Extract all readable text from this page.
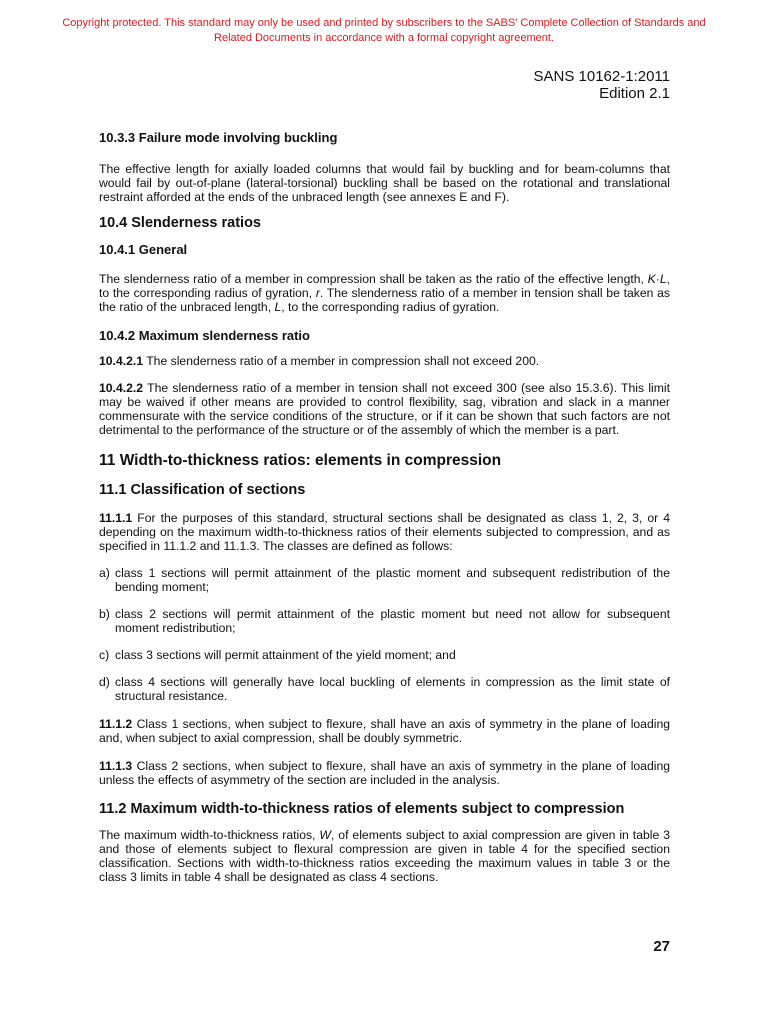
Copyright protected. This standard may only be used and printed by subscribers to the SABS' Complete Collection of Standards and
Related Documents in accordance with a formal copyright agreement.
SANS 10162-1:2011
Edition 2.1
10.3.3 Failure mode involving buckling

The effective length for axially loaded columns that would fail by buckling and for beam-columns that would fail by out-of-plane (lateral-torsional) buckling shall be based on the rotational and translational restraint afforded at the ends of the unbraced length (see annexes E and F).

10.4 Slenderness ratios
10.4.1 General

The slenderness ratio of a member in compression shall be taken as the ratio of the effective length, K·L, to the corresponding radius of gyration, r. The slenderness ratio of a member in tension shall be taken as the ratio of the unbraced length, L, to the corresponding radius of gyration.

10.4.2 Maximum slenderness ratio

10.4.2.1 The slenderness ratio of a member in compression shall not exceed 200.

10.4.2.2 The slenderness ratio of a member in tension shall not exceed 300 (see also 15.3.6). This limit may be waived if other means are provided to control flexibility, sag, vibration and slack in a manner commensurate with the service conditions of the structure, or if it can be shown that such factors are not detrimental to the performance of the structure or of the assembly of which the member is a part.

11 Width-to-thickness ratios: elements in compression
11.1 Classification of sections

11.1.1 For the purposes of this standard, structural sections shall be designated as class 1, 2, 3, or 4 depending on the maximum width-to-thickness ratios of their elements subjected to compression, and as specified in 11.1.2 and 11.1.3. The classes are defined as follows:

a) class 1 sections will permit attainment of the plastic moment and subsequent redistribution of the bending moment;
b) class 2 sections will permit attainment of the plastic moment but need not allow for subsequent moment redistribution;
c) class 3 sections will permit attainment of the yield moment; and
d) class 4 sections will generally have local buckling of elements in compression as the limit state of structural resistance.

11.1.2 Class 1 sections, when subject to flexure, shall have an axis of symmetry in the plane of loading and, when subject to axial compression, shall be doubly symmetric.

11.1.3 Class 2 sections, when subject to flexure, shall have an axis of symmetry in the plane of loading unless the effects of asymmetry of the section are included in the analysis.

11.2 Maximum width-to-thickness ratios of elements subject to compression

The maximum width-to-thickness ratios, W, of elements subject to axial compression are given in table 3 and those of elements subject to flexural compression are given in table 4 for the specified section classification. Sections with width-to-thickness ratios exceeding the maximum values in table 3 or the class 3 limits in table 4 shall be designated as class 4 sections.

27
